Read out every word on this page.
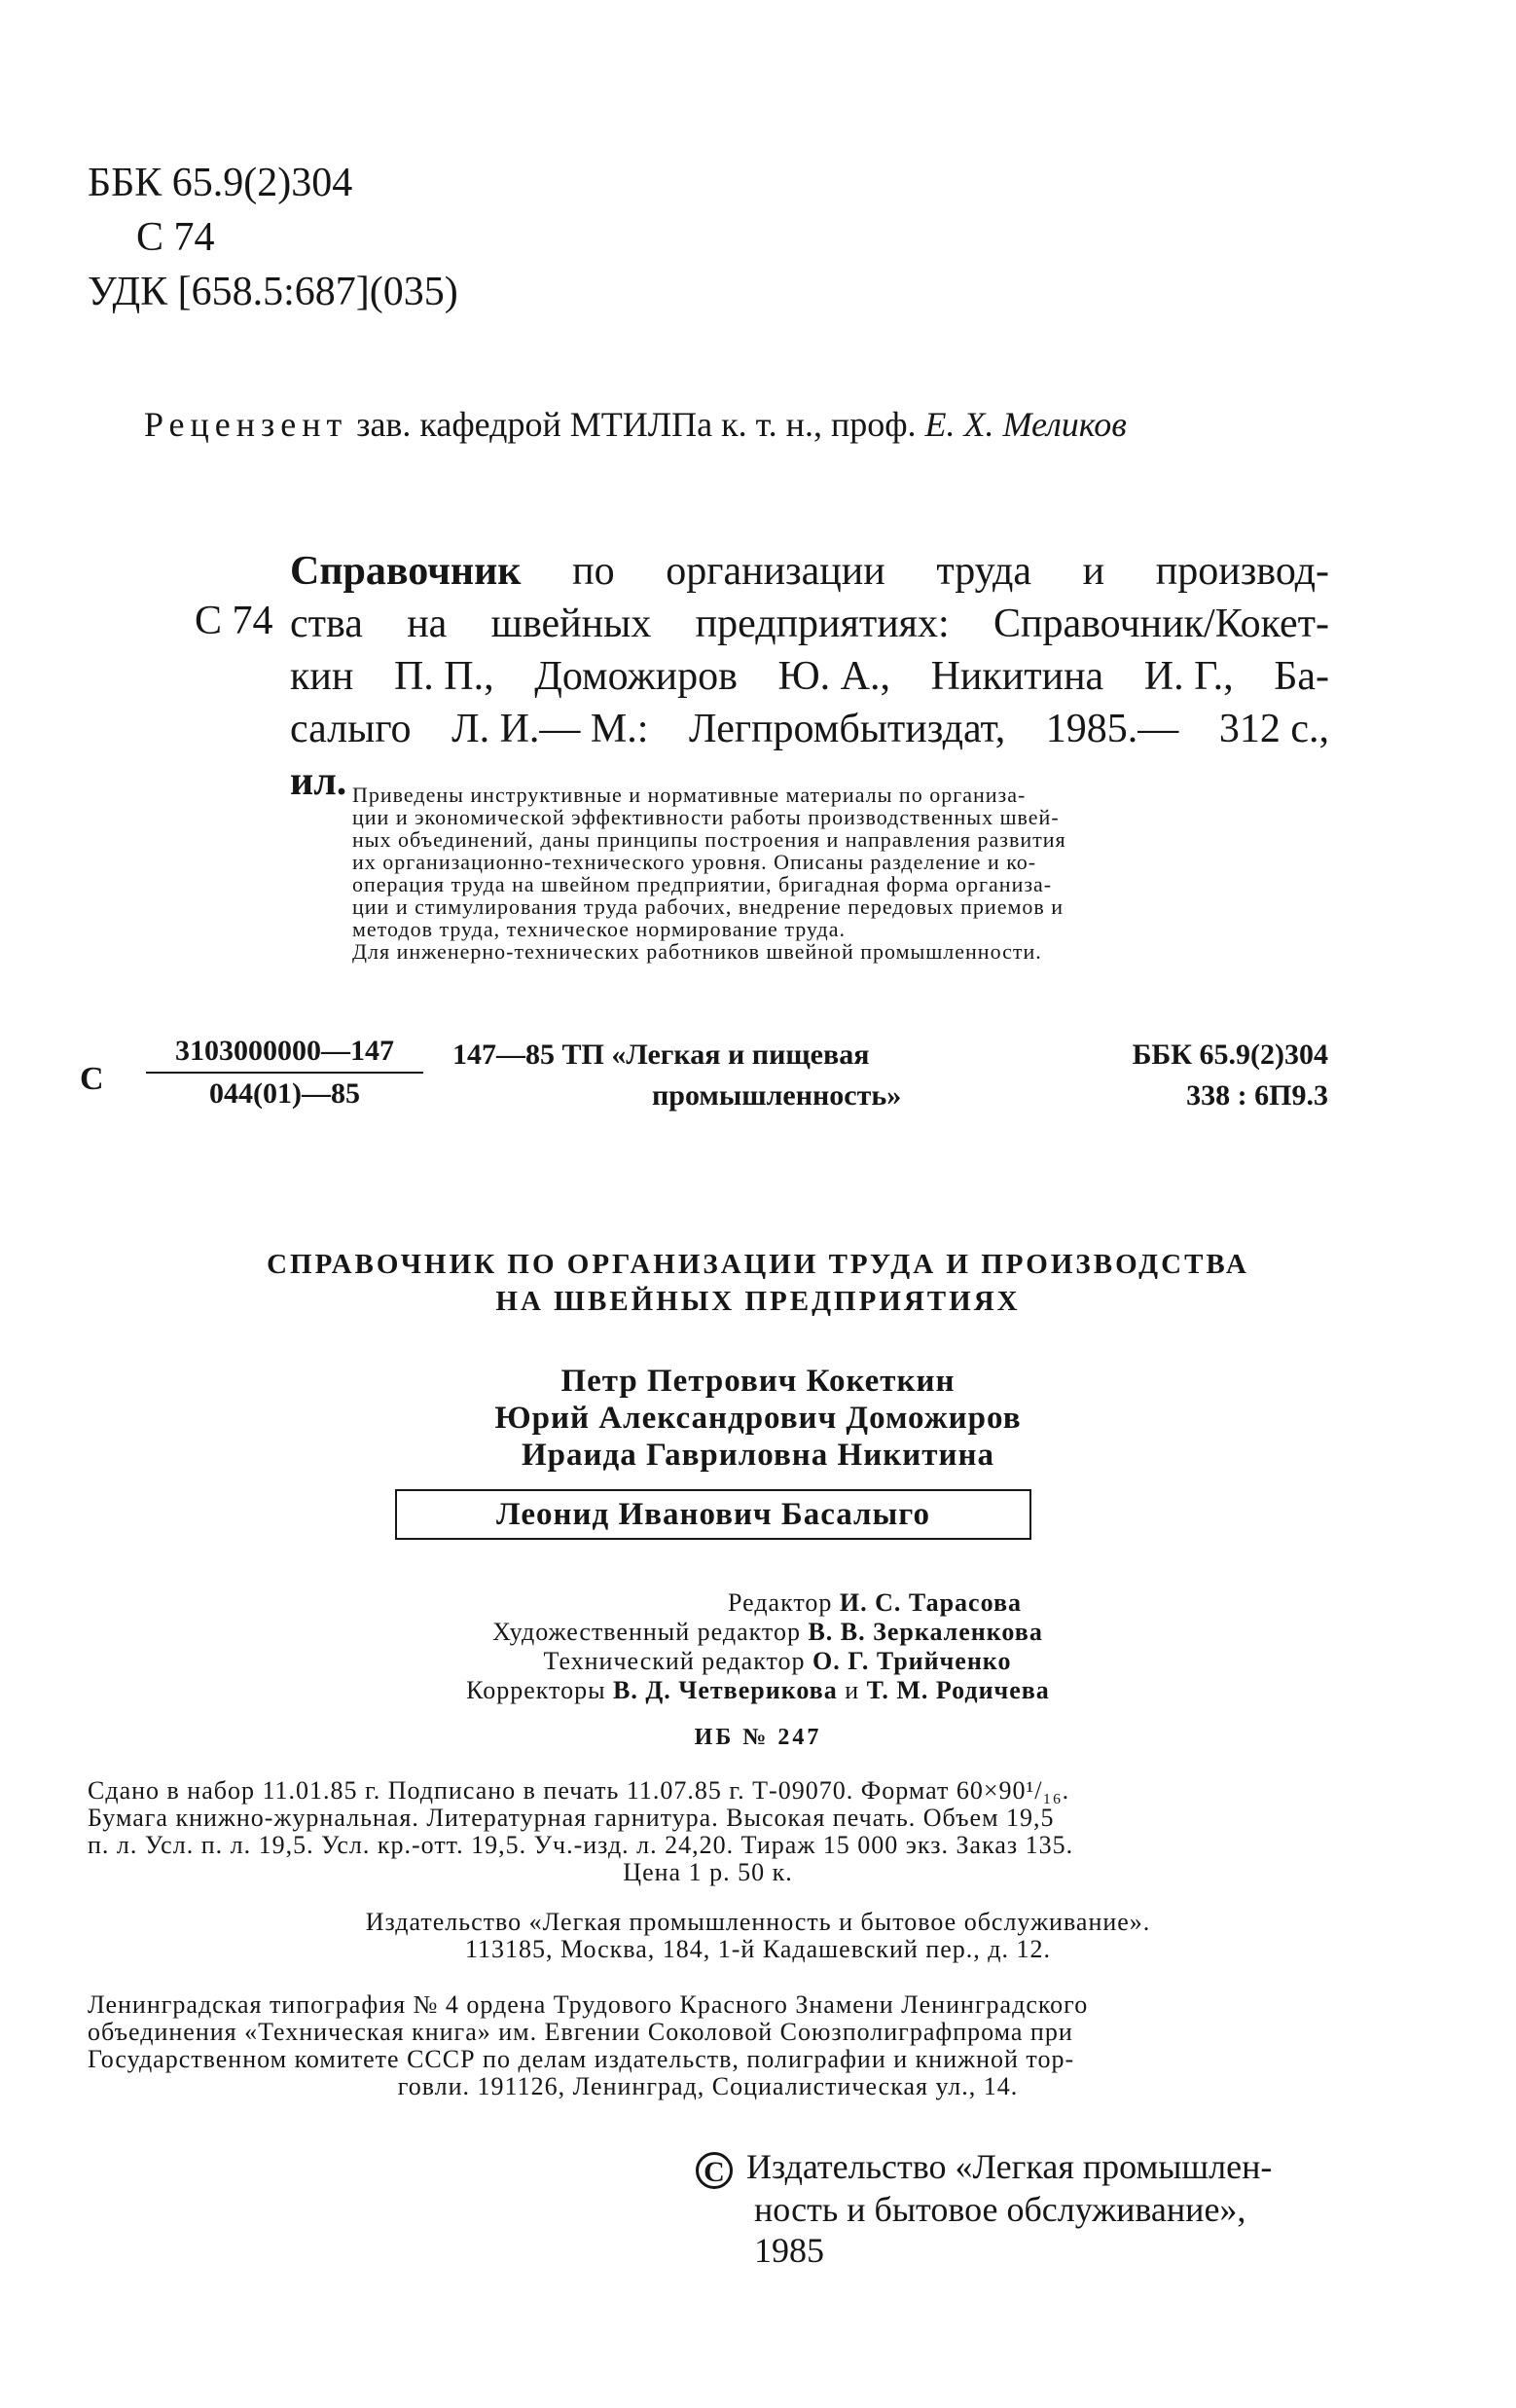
ББК 65.9(2)304
С 74
УДК [658.5:687](035)
Рецензент зав. кафедрой МТИЛПа к. т. н., проф. Е. Х. Меликов
С 74
Справочник по организации труда и производ-
ства на швейных предприятиях: Справочник/Кокет-
кин П. П., Доможиров Ю. А., Никитина И. Г., Ба-
салыго Л. И.— М.: Легпромбытиздат, 1985.— 312 с.,
ил. Приведены инструктивные и нормативные материалы по организа-
ции и экономической эффективности работы производственных швей-
ных объединений, даны принципы построения и направления развития
их организационно-технического уровня. Описаны разделение и ко-
операция труда на швейном предприятии, бригадная форма организа-
ции и стимулирования труда рабочих, внедрение передовых приемов и
методов труда, техническое нормирование труда.
Для инженерно-технических работников швейной промышленности.
С $\frac{3103000000—147}{044(01)—85}$ 147—85 ТП «Легкая и пищевая
промышленность»
ББК 65.9(2)304
338 : 6П9.3
СПРАВОЧНИК ПО ОРГАНИЗАЦИИ ТРУДА И ПРОИЗВОДСТВА
НА ШВЕЙНЫХ ПРЕДПРИЯТИЯХ
Петр Петрович Кокеткин
Юрий Александрович Доможиров
Ираида Гавриловна Никитина
Леонид Иванович Басалыго
Редактор И. С. Тарасова
Художественный редактор В. В. Зеркаленкова
Технический редактор О. Г. Трийченко
Корректоры В. Д. Четверикова и Т. М. Родичева
ИБ № 247
Сдано в набор 11.01.85 г. Подписано в печать 11.07.85 г. Т-09070. Формат 60×90¹/₁₆.
Бумага книжно-журнальная. Литературная гарнитура. Высокая печать. Объем 19,5
п. л. Усл. п. л. 19,5. Усл. кр.-отт. 19,5. Уч.-изд. л. 24,20. Тираж 15 000 экз. Заказ 135.
Цена 1 р. 50 к.
Издательство «Легкая промышленность и бытовое обслуживание».
113185, Москва, 184, 1-й Кадашевский пер., д. 12.
Ленинградская типография № 4 ордена Трудового Красного Знамени Ленинградского
объединения «Техническая книга» им. Евгении Соколовой Союзполиграфпрома при
Государственном комитете СССР по делам издательств, полиграфии и книжной тор-
говли. 191126, Ленинград, Социалистическая ул., 14.
С Издательство «Легкая промышлен-
ность и бытовое обслуживание»,
1985
